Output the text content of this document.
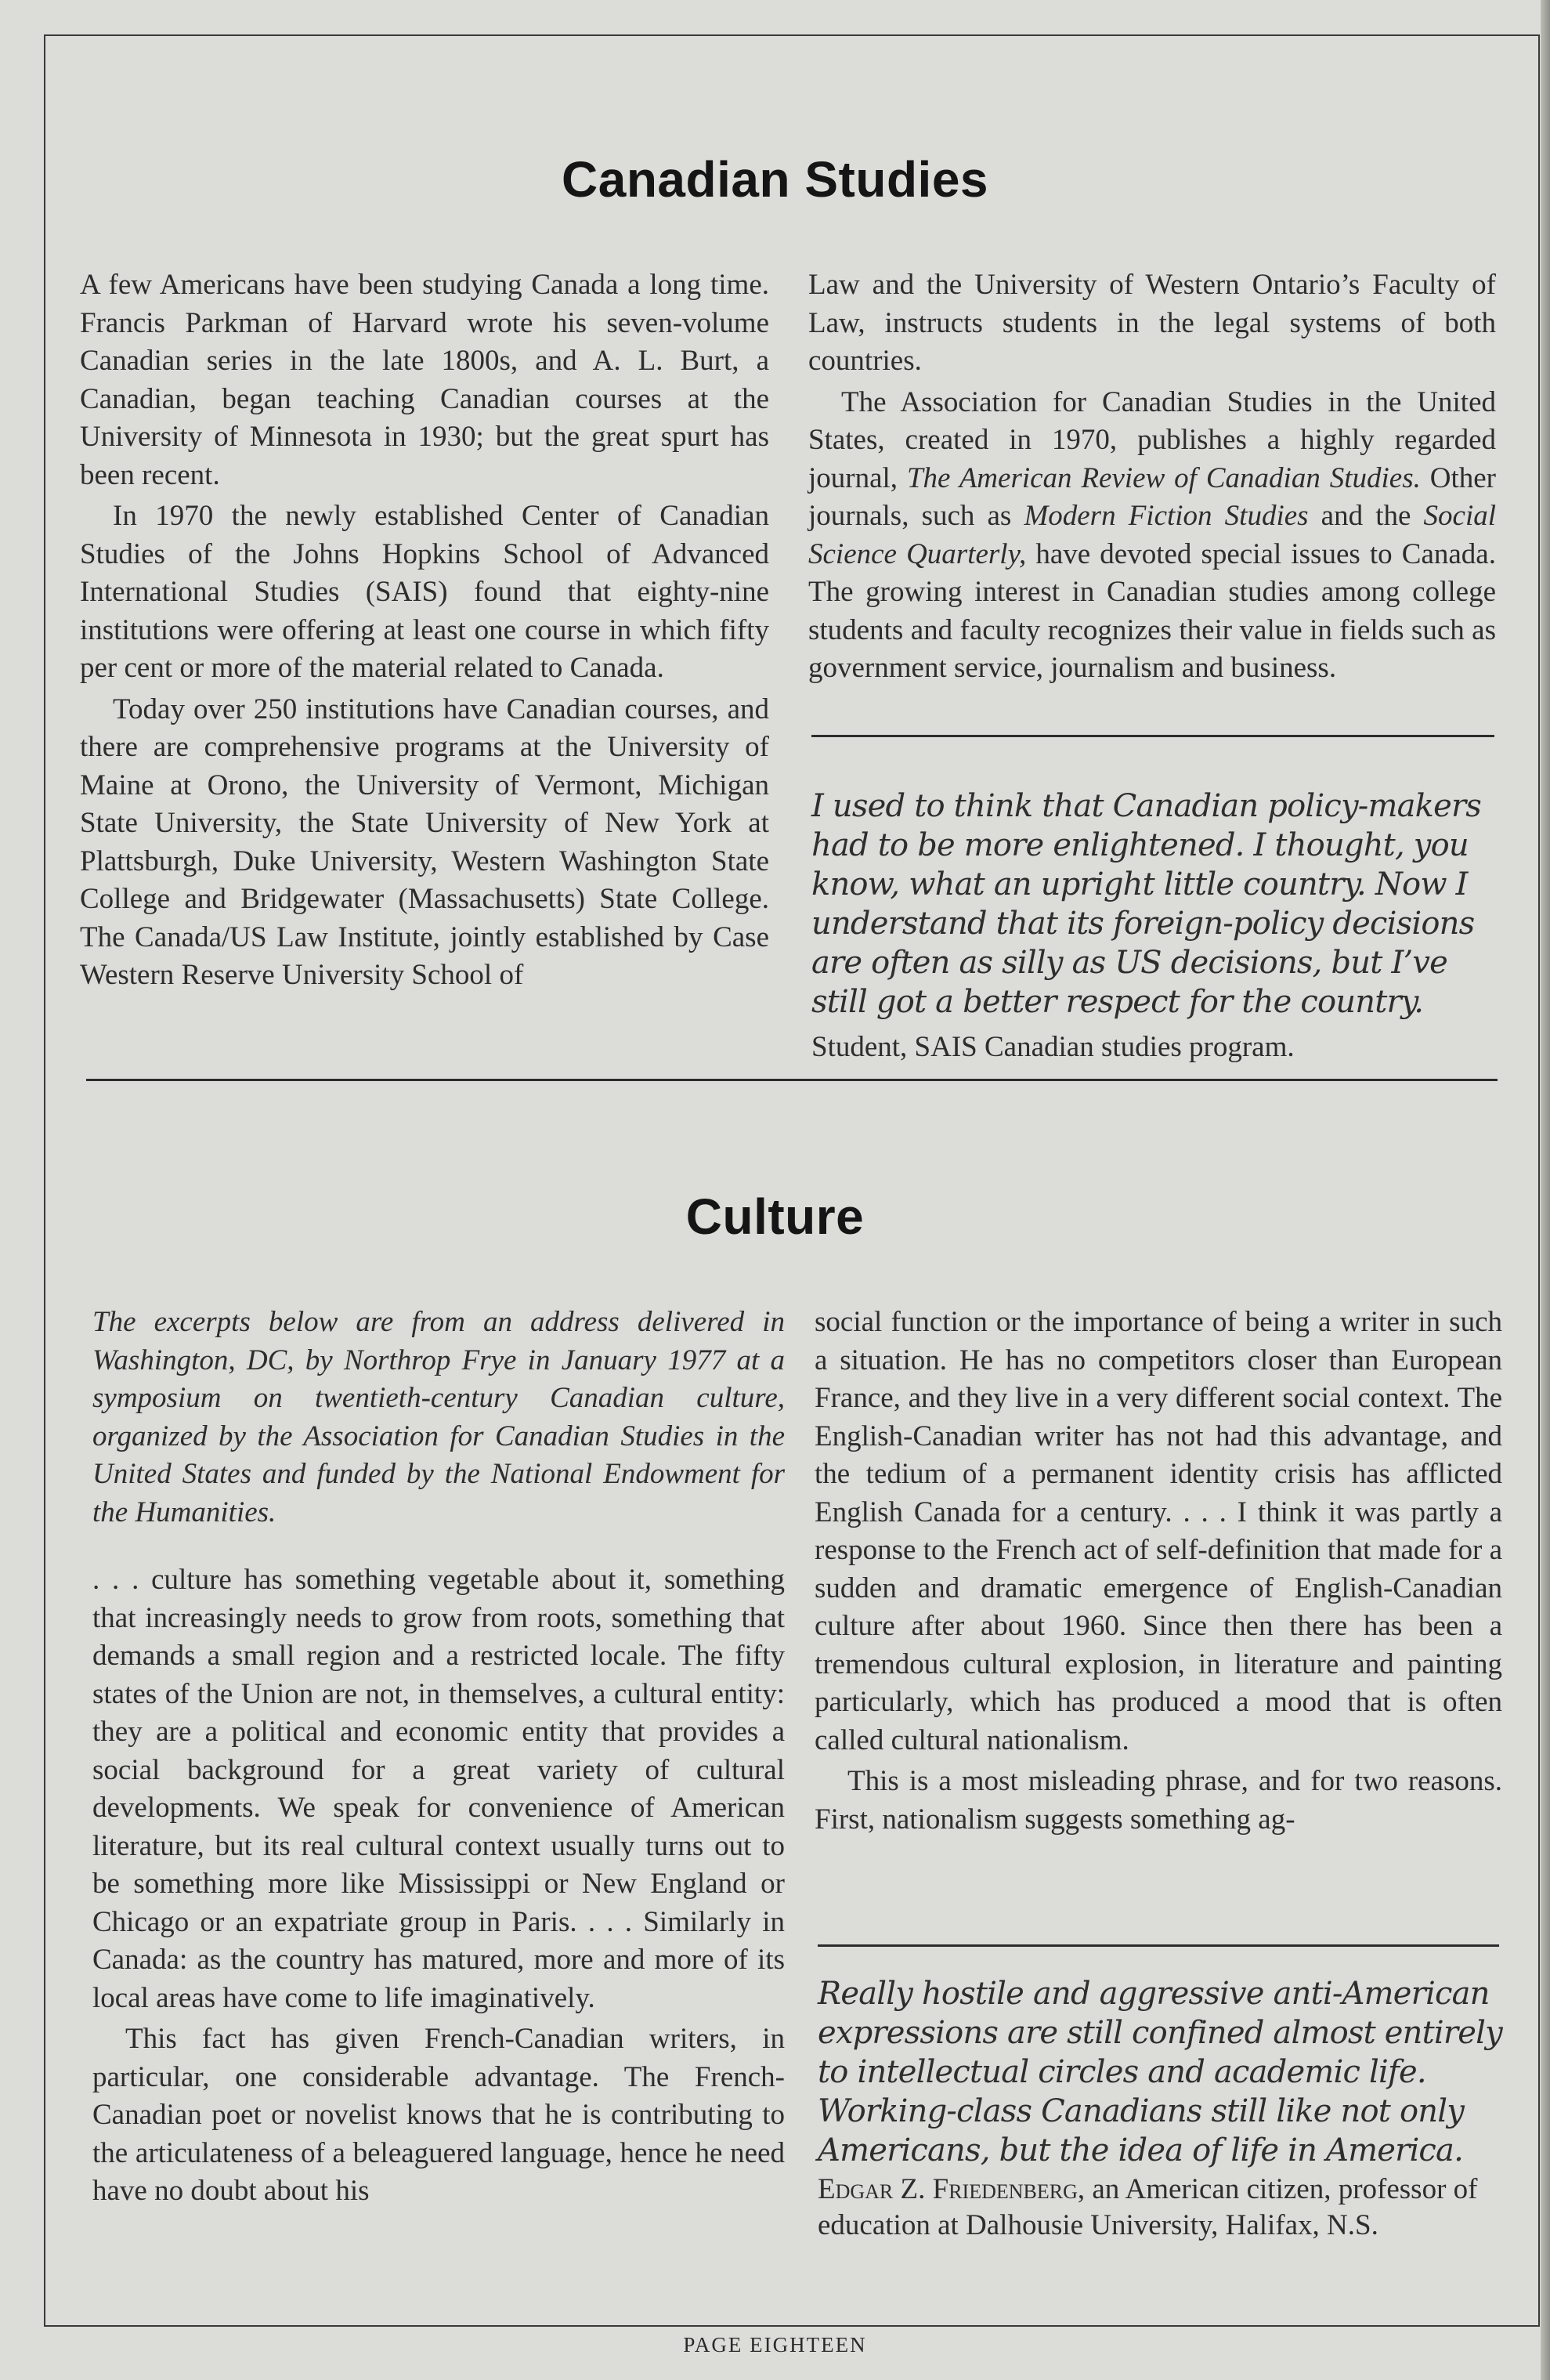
Canadian Studies

A few Americans have been studying Canada a long time. Francis Parkman of Harvard wrote his seven-volume Canadian series in the late 1800s, and A. L. Burt, a Canadian, began teaching Canadian courses at the University of Minnesota in 1930; but the great spurt has been recent.

In 1970 the newly established Center of Canadian Studies of the Johns Hopkins School of Advanced International Studies (SAIS) found that eighty-nine institutions were offering at least one course in which fifty per cent or more of the material related to Canada.

Today over 250 institutions have Canadian courses, and there are comprehensive programs at the University of Maine at Orono, the University of Vermont, Michigan State University, the State University of New York at Plattsburgh, Duke University, Western Washington State College and Bridgewater (Massachusetts) State College. The Canada/US Law Institute, jointly established by Case Western Reserve University School of

Law and the University of Western Ontario’s Faculty of Law, instructs students in the legal systems of both countries.

The Association for Canadian Studies in the United States, created in 1970, publishes a highly regarded journal, The American Review of Canadian Studies. Other journals, such as Modern Fiction Studies and the Social Science Quarterly, have devoted special issues to Canada. The growing interest in Canadian studies among college students and faculty recognizes their value in fields such as government service, journalism and business.

I used to think that Canadian policy-makers had to be more enlightened. I thought, you know, what an upright little country. Now I understand that its foreign-policy decisions are often as silly as US decisions, but I’ve still got a better respect for the country.
Student, SAIS Canadian studies program.
Culture

The excerpts below are from an address delivered in Washington, DC, by Northrop Frye in January 1977 at a symposium on twentieth-century Canadian culture, organized by the Association for Canadian Studies in the United States and funded by the National Endowment for the Humanities.

. . . culture has something vegetable about it, something that increasingly needs to grow from roots, something that demands a small region and a restricted locale. The fifty states of the Union are not, in themselves, a cultural entity: they are a political and economic entity that provides a social background for a great variety of cultural developments. We speak for convenience of American literature, but its real cultural context usually turns out to be something more like Mississippi or New England or Chicago or an expatriate group in Paris. . . . Similarly in Canada: as the country has matured, more and more of its local areas have come to life imaginatively.

This fact has given French-Canadian writers, in particular, one considerable advantage. The French-Canadian poet or novelist knows that he is contributing to the articulateness of a beleaguered language, hence he need have no doubt about his

social function or the importance of being a writer in such a situation. He has no competitors closer than European France, and they live in a very different social context. The English-Canadian writer has not had this advantage, and the tedium of a permanent identity crisis has afflicted English Canada for a century. . . . I think it was partly a response to the French act of self-definition that made for a sudden and dramatic emergence of English-Canadian culture after about 1960. Since then there has been a tremendous cultural explosion, in literature and painting particularly, which has produced a mood that is often called cultural nationalism.

This is a most misleading phrase, and for two reasons. First, nationalism suggests something ag-

Really hostile and aggressive anti-American expressions are still confined almost entirely to intellectual circles and academic life. Working-class Canadians still like not only Americans, but the idea of life in America.
Edgar Z. Friedenberg, an American citizen, professor of education at Dalhousie University, Halifax, N.S.
PAGE EIGHTEEN
